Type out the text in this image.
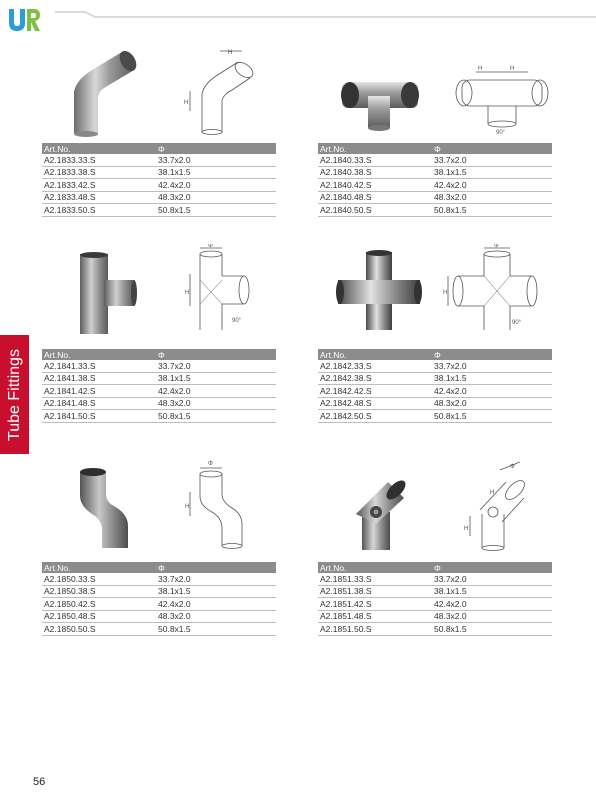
Tube Fittings
H
H
Art.No.	Φ
A2.1833.33.S	33.7x2.0
A2.1833.38.S	38.1x1.5
A2.1833.42.S	42.4x2.0
A2.1833.48.S	48.3x2.0
A2.1833.50.S	50.8x1.5
H	H
90°
Art.No.	Φ
A2.1840.33.S	33.7x2.0
A2.1840.38.S	38.1x1.5
A2.1840.42.S	42.4x2.0
A2.1840.48.S	48.3x2.0
A2.1840.50.S	50.8x1.5
Φ
H
90°
Art.No.	Φ
A2.1841.33.S	33.7x2.0
A2.1841.38.S	38.1x1.5
A2.1841.42.S	42.4x2.0
A2.1841.48.S	48.3x2.0
A2.1841.50.S	50.8x1.5
Φ
H
90°
Art.No.	Φ
A2.1842.33.S	33.7x2.0
A2.1842.38.S	38.1x1.5
A2.1842.42.S	42.4x2.0
A2.1842.48.S	48.3x2.0
A2.1842.50.S	50.8x1.5
Φ
H
Art.No.	Φ
A2.1850.33.S	33.7x2.0
A2.1850.38.S	38.1x1.5
A2.1850.42.S	42.4x2.0
A2.1850.48.S	48.3x2.0
A2.1850.50.S	50.8x1.5
Φ
H
H
Art.No.	Φ
A2.1851.33.S	33.7x2.0
A2.1851.38.S	38.1x1.5
A2.1851.42.S	42.4x2.0
A2.1851.48.S	48.3x2.0
A2.1851.50.S	50.8x1.5
56
